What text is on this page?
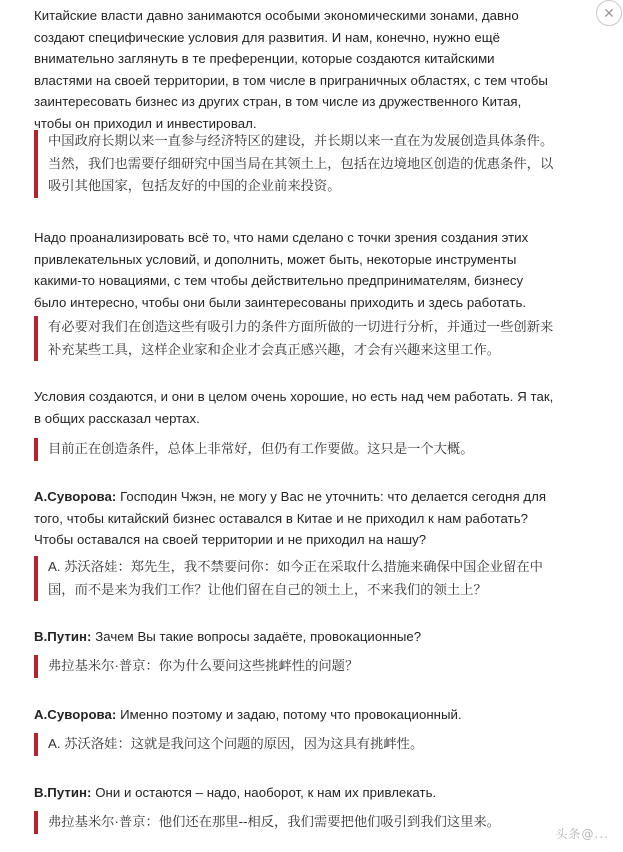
✕

Китайские власти давно занимаются особыми экономическими зонами, давно создают специфические условия для развития. И нам, конечно, нужно ещё внимательно заглянуть в те преференции, которые создаются китайскими властями на своей территории, в том числе в приграничных областях, с тем чтобы заинтересовать бизнес из других стран, в том числе из дружественного Китая, чтобы он приходил и инвестировал.

中国政府长期以来一直参与经济特区的建设，并长期以来一直在为发展创造具体条件。当然，我们也需要仔细研究中国当局在其领土上，包括在边境地区创造的优惠条件，以吸引其他国家，包括友好的中国的企业前来投资。

Надо проанализировать всё то, что нами сделано с точки зрения создания этих привлекательных условий, и дополнить, может быть, некоторые инструменты какими-то новациями, с тем чтобы действительно предпринимателям, бизнесу было интересно, чтобы они были заинтересованы приходить и здесь работать.

有必要对我们在创造这些有吸引力的条件方面所做的一切进行分析，并通过一些创新来补充某些工具，这样企业家和企业才会真正感兴趣，才会有兴趣来这里工作。

Условия создаются, и они в целом очень хорошие, но есть над чем работать. Я так, в общих рассказал чертах.

目前正在创造条件，总体上非常好，但仍有工作要做。这只是一个大概。

А.Суворова: Господин Чжэн, не могу у Вас не уточнить: что делается сегодня для того, чтобы китайский бизнес оставался в Китае и не приходил к нам работать? Чтобы оставался на своей территории и не приходил на нашу?

A. 苏沃洛娃：郑先生，我不禁要问你：如今正在采取什么措施来确保中国企业留在中国，而不是来为我们工作？让他们留在自己的领土上，不来我们的领土上？

В.Путин: Зачем Вы такие вопросы задаёте, провокационные?

弗拉基米尔·普京：你为什么要问这些挑衅性的问题？

А.Суворова: Именно поэтому и задаю, потому что провокационный.

A. 苏沃洛娃：这就是我问这个问题的原因，因为这具有挑衅性。

В.Путин: Они и остаются – надо, наоборот, к нам их привлекать.

弗拉基米尔·普京：他们还在那里--相反，我们需要把他们吸引到我们这里来。

头条@...
